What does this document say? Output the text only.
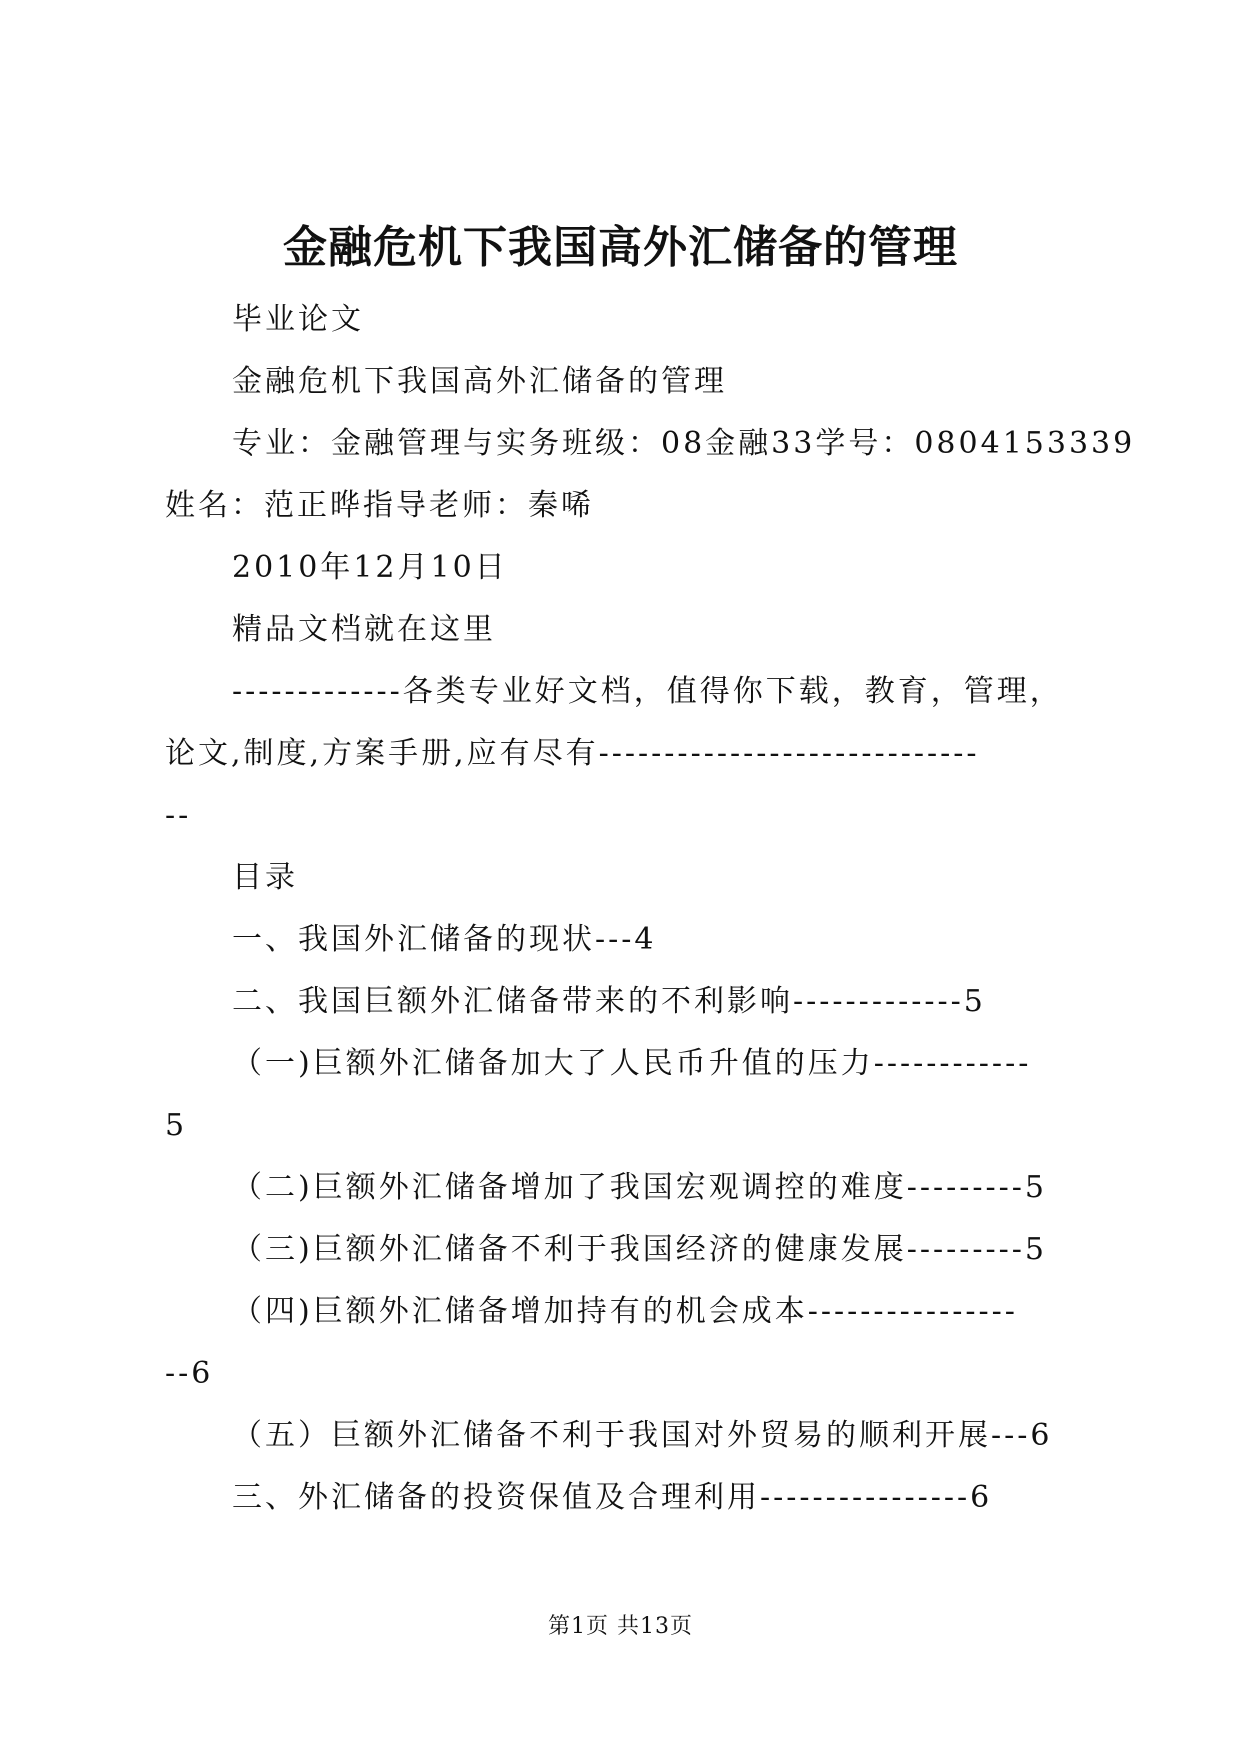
金融危机下我国高外汇储备的管理
毕业论文
金融危机下我国高外汇储备的管理
专业：金融管理与实务班级：08金融33学号：0804153339
姓名：范正晔指导老师：秦唏
2010年12月10日
精品文档就在这里
-------------各类专业好文档，值得你下载，教育，管理，
论文,制度,方案手册,应有尽有-----------------------------
--
目录
一、我国外汇储备的现状---4
二、我国巨额外汇储备带来的不利影响-------------5
（一)巨额外汇储备加大了人民币升值的压力------------
5
（二)巨额外汇储备增加了我国宏观调控的难度---------5
（三)巨额外汇储备不利于我国经济的健康发展---------5
（四)巨额外汇储备增加持有的机会成本----------------
--6
（五）巨额外汇储备不利于我国对外贸易的顺利开展---6
三、外汇储备的投资保值及合理利用----------------6
第1页 共13页
